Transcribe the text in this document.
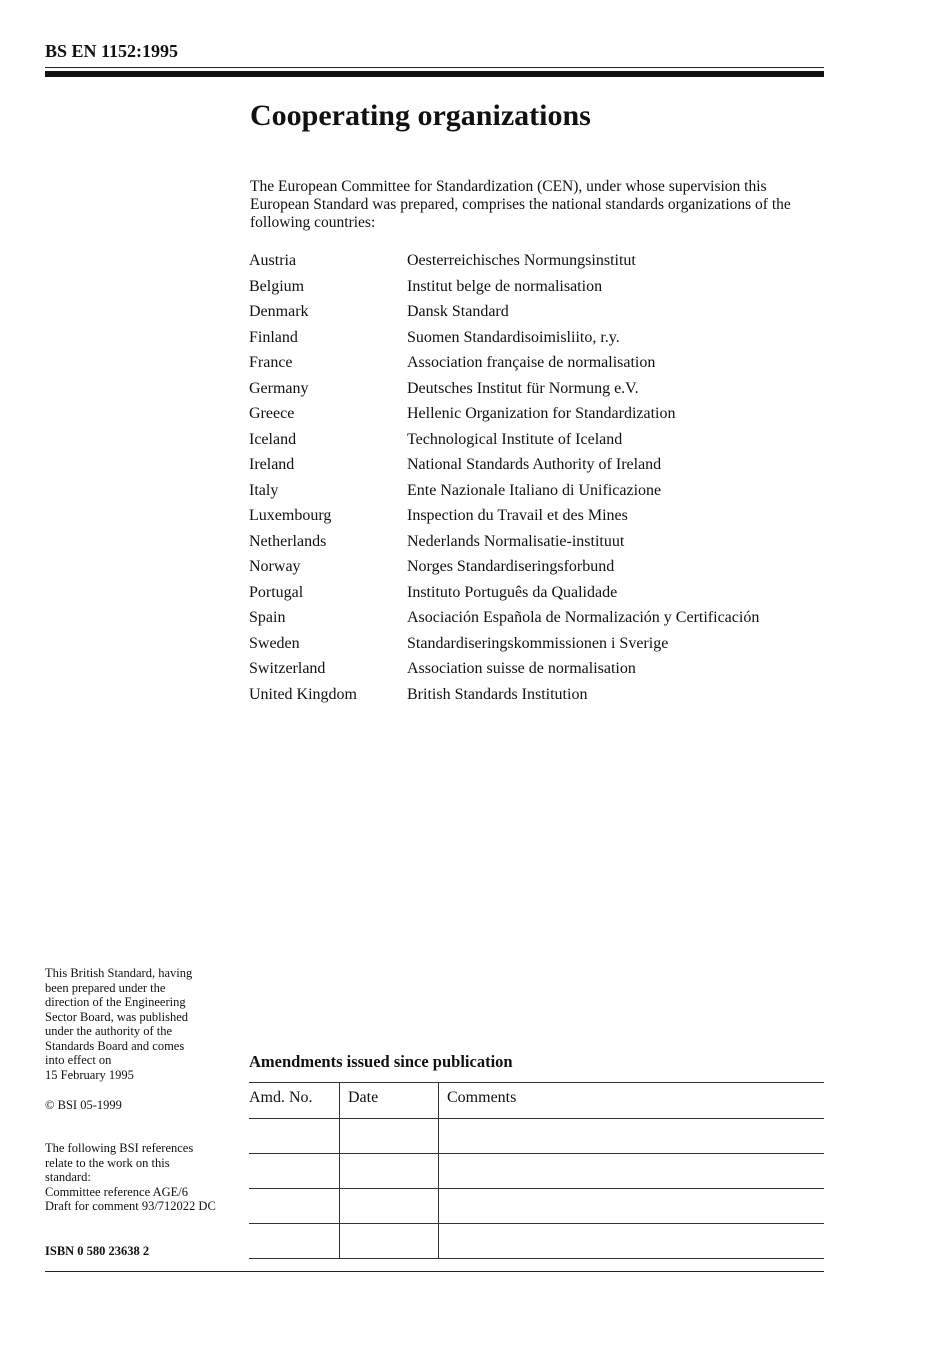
BS EN 1152:1995
Cooperating organizations

The European Committee for Standardization (CEN), under whose supervision this European Standard was prepared, comprises the national standards organizations of the following countries:

Austria	Oesterreichisches Normungsinstitut
Belgium	Institut belge de normalisation
Denmark	Dansk Standard
Finland	Suomen Standardisoimisliito, r.y.
France	Association française de normalisation
Germany	Deutsches Institut für Normung e.V.
Greece	Hellenic Organization for Standardization
Iceland	Technological Institute of Iceland
Ireland	National Standards Authority of Ireland
Italy	Ente Nazionale Italiano di Unificazione
Luxembourg	Inspection du Travail et des Mines
Netherlands	Nederlands Normalisatie-instituut
Norway	Norges Standardiseringsforbund
Portugal	Instituto Português da Qualidade
Spain	Asociación Española de Normalización y Certificación
Sweden	Standardiseringskommissionen i Sverige
Switzerland	Association suisse de normalisation
United Kingdom	British Standards Institution
This British Standard, having
been prepared under the
direction of the Engineering
Sector Board, was published
under the authority of the
Standards Board and comes
into effect on
15 February 1995
© BSI 05-1999
The following BSI references
relate to the work on this
standard:
Committee reference AGE/6
Draft for comment 93/712022 DC
ISBN 0 580 23638 2
Amendments issued since publication
Amd. No.	Date	Comments
